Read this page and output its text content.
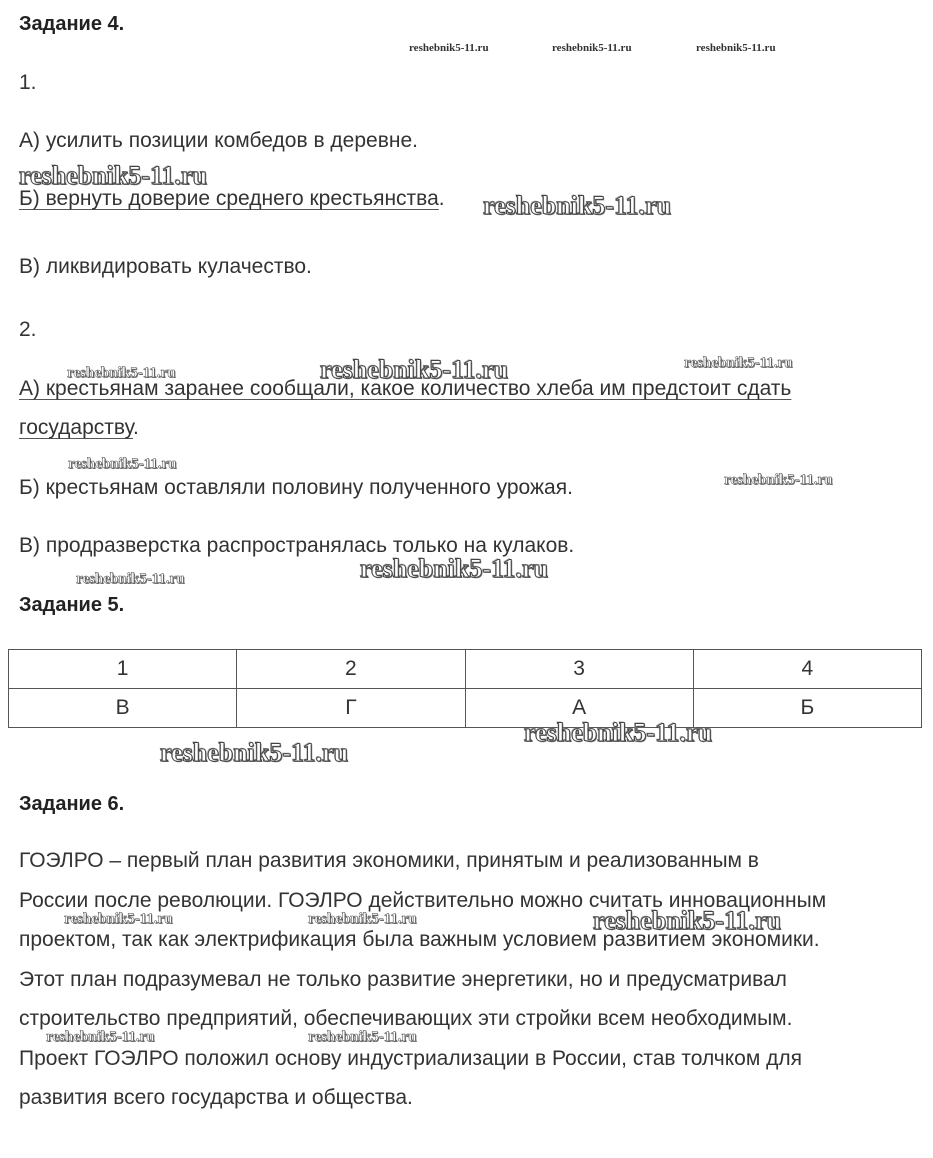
Задание 4.
1.
А) усилить позиции комбедов в деревне.
Б) вернуть доверие среднего крестьянства.
В) ликвидировать кулачество.
2.
А) крестьянам заранее сообщали, какое количество хлеба им предстоит сдать
государству.
Б) крестьянам оставляли половину полученного урожая.
В) продразверстка распространялась только на кулаков.
Задание 5.
1	2	3	4
В	Г	А	Б
Задание 6.
ГОЭЛРО – первый план развития экономики, принятым и реализованным в
России после революции. ГОЭЛРО действительно можно считать инновационным
проектом, так как электрификация была важным условием развитием экономики.
Этот план подразумевал не только развитие энергетики, но и предусматривал
строительство предприятий, обеспечивающих эти стройки всем необходимым.
Проект ГОЭЛРО положил основу индустриализации в России, став толчком для
развития всего государства и общества.
reshebnik5-11.ru	reshebnik5-11.ru	reshebnik5-11.ru
reshebnik5-11.ru
reshebnik5-11.ru
reshebnik5-11.ru	reshebnik5-11.ru	reshebnik5-11.ru
reshebnik5-11.ru
reshebnik5-11.ru
reshebnik5-11.ru	reshebnik5-11.ru
reshebnik5-11.ru
reshebnik5-11.ru
reshebnik5-11.ru	reshebnik5-11.ru	reshebnik5-11.ru
reshebnik5-11.ru	reshebnik5-11.ru
